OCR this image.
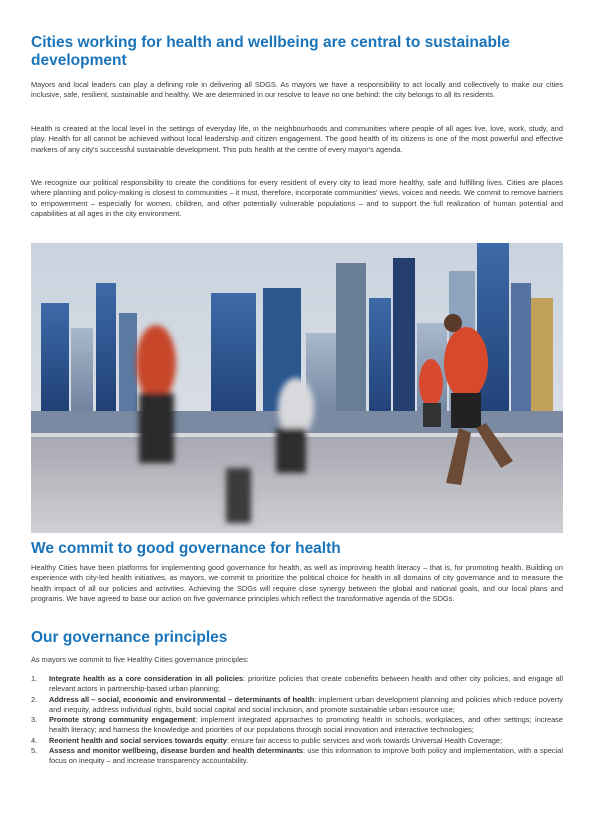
Cities working for health and wellbeing are central to sustainable development

Mayors and local leaders can play a defining role in delivering all SDGS. As mayors we have a responsibility to act locally and collectively to make our cities inclusive, safe, resilient, sustainable and healthy. We are determined in our resolve to leave no one behind: the city belongs to all its residents.

Health is created at the local level in the settings of everyday life, in the neighbourhoods and communities where people of all ages live, love, work, study, and play. Health for all cannot be achieved without local leadership and citizen engagement. The good health of its citizens is one of the most powerful and effective markers of any city's successful sustainable development. This puts health at the centre of every mayor's agenda.

We recognize our political responsibility to create the conditions for every resident of every city to lead more healthy, safe and fulfilling lives. Cities are places where planning and policy-making is closest to communities – it must, therefore, incorporate communities' views, voices and needs. We commit to remove barriers to empowerment – especially for women, children, and other potentially vulnerable populations – and to support the full realization of human potential and capabilities at all ages in the city environment.

We commit to good governance for health

Healthy Cities have been platforms for implementing good governance for health, as well as improving health literacy – that is, for promoting health. Building on experience with city-led health initiatives, as mayors, we commit to prioritize the political choice for health in all domains of city governance and to measure the health impact of all our policies and activities. Achieving the SDGs will require close synergy between the global and national goals, and our local plans and programs. We have agreed to base our action on five governance principles which reflect the transformative agenda of the SDGs.

Our governance principles

As mayors we commit to five Healthy Cities governance principles:

1. Integrate health as a core consideration in all policies: prioritize policies that create cobenefits between health and other city policies, and engage all relevant actors in partnership-based urban planning;
2. Address all – social, economic and environmental – determinants of health: implement urban development planning and policies which reduce poverty and inequity, address individual rights, build social capital and social inclusion, and promote sustainable urban resource use;
3. Promote strong community engagement: implement integrated approaches to promoting health in schools, workplaces, and other settings; increase health literacy; and harness the knowledge and priorities of our populations through social innovation and interactive technologies;
4. Reorient health and social services towards equity: ensure fair access to public services and work towards Universal Health Coverage;
5. Assess and monitor wellbeing, disease burden and health determinants: use this information to improve both policy and implementation, with a special focus on inequity – and increase transparency accountability.
